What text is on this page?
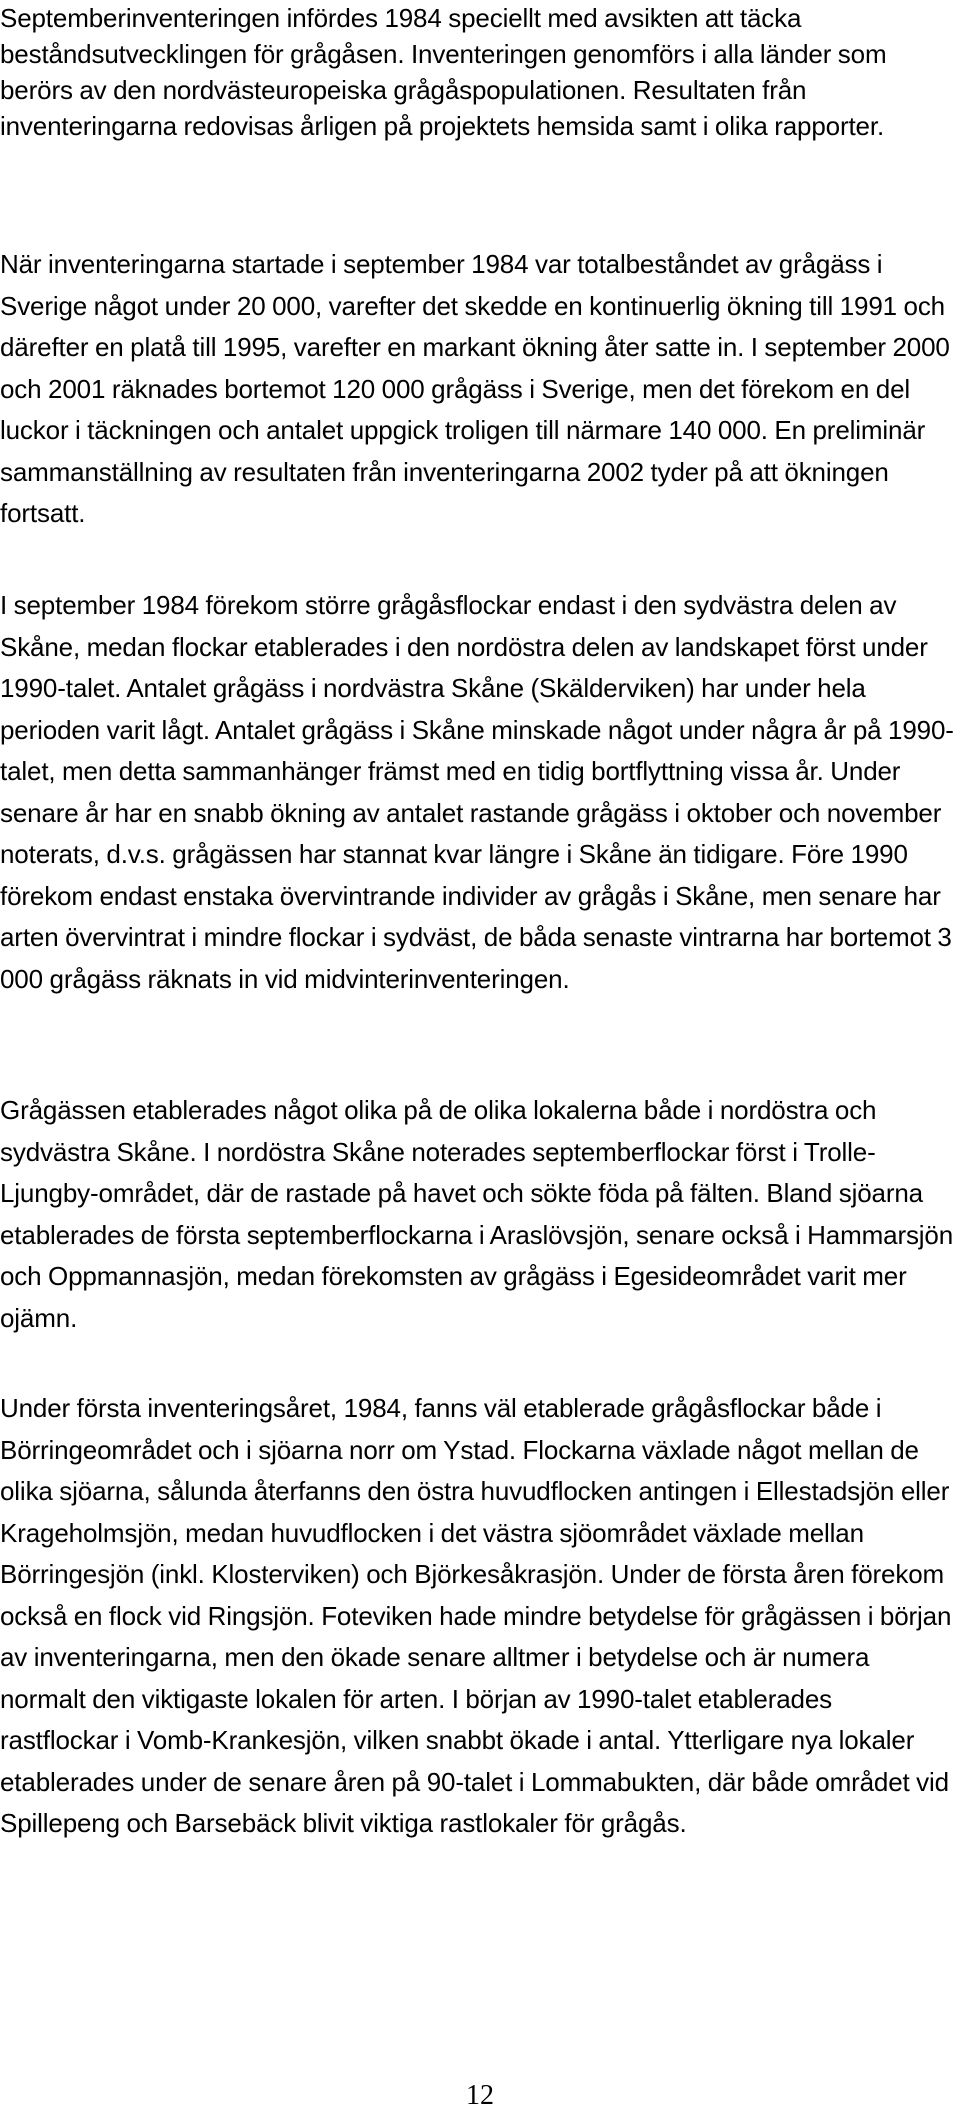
Septemberinventeringen infördes 1984 speciellt med avsikten att täcka beståndsutvecklingen för grågåsen. Inventeringen genomförs i alla länder som berörs av den nordvästeuropeiska grågåspopulationen. Resultaten från inventeringarna redovisas årligen på projektets hemsida samt i olika rapporter.

När inventeringarna startade i september 1984 var totalbeståndet av grågäss i Sverige något under 20 000, varefter det skedde en kontinuerlig ökning till 1991 och därefter en platå till 1995, varefter en markant ökning åter satte in. I september 2000 och 2001 räknades bortemot 120 000 grågäss i Sverige, men det förekom en del luckor i täckningen och antalet uppgick troligen till närmare 140 000. En preliminär sammanställning av resultaten från inventeringarna 2002 tyder på att ökningen fortsatt.

I september 1984 förekom större grågåsflockar endast i den sydvästra delen av Skåne, medan flockar etablerades i den nordöstra delen av landskapet först under 1990-talet. Antalet grågäss i nordvästra Skåne (Skälderviken) har under hela perioden varit lågt. Antalet grågäss i Skåne minskade något under några år på 1990-talet, men detta sammanhänger främst med en tidig bortflyttning vissa år. Under senare år har en snabb ökning av antalet rastande grågäss i oktober och november noterats, d.v.s. grågässen har stannat kvar längre i Skåne än tidigare. Före 1990 förekom endast enstaka övervintrande individer av grågås i Skåne, men senare har arten övervintrat i mindre flockar i sydväst, de båda senaste vintrarna har bortemot 3 000 grågäss räknats in vid midvinterinventeringen.

Grågässen etablerades något olika på de olika lokalerna både i nordöstra och sydvästra Skåne. I nordöstra Skåne noterades septemberflockar först i Trolle-Ljungby-området, där de rastade på havet och sökte föda på fälten. Bland sjöarna etablerades de första septemberflockarna i Araslövsjön, senare också i Hammarsjön och Oppmannasjön, medan förekomsten av grågäss i Egesideområdet varit mer ojämn.

Under första inventeringsåret, 1984, fanns väl etablerade grågåsflockar både i Börringeområdet och i sjöarna norr om Ystad. Flockarna växlade något mellan de olika sjöarna, sålunda återfanns den östra huvudflocken antingen i Ellestadsjön eller Krageholmsjön, medan huvudflocken i det västra sjöområdet växlade mellan Börringesjön (inkl. Klosterviken) och Björkesåkrasjön. Under de första åren förekom också en flock vid Ringsjön. Foteviken hade mindre betydelse för grågässen i början av inventeringarna, men den ökade senare alltmer i betydelse och är numera normalt den viktigaste lokalen för arten. I början av 1990-talet etablerades rastflockar i Vomb-Krankesjön, vilken snabbt ökade i antal. Ytterligare nya lokaler etablerades under de senare åren på 90-talet i Lommabukten, där både området vid Spillepeng och Barsebäck blivit viktiga rastlokaler för grågås.

12
